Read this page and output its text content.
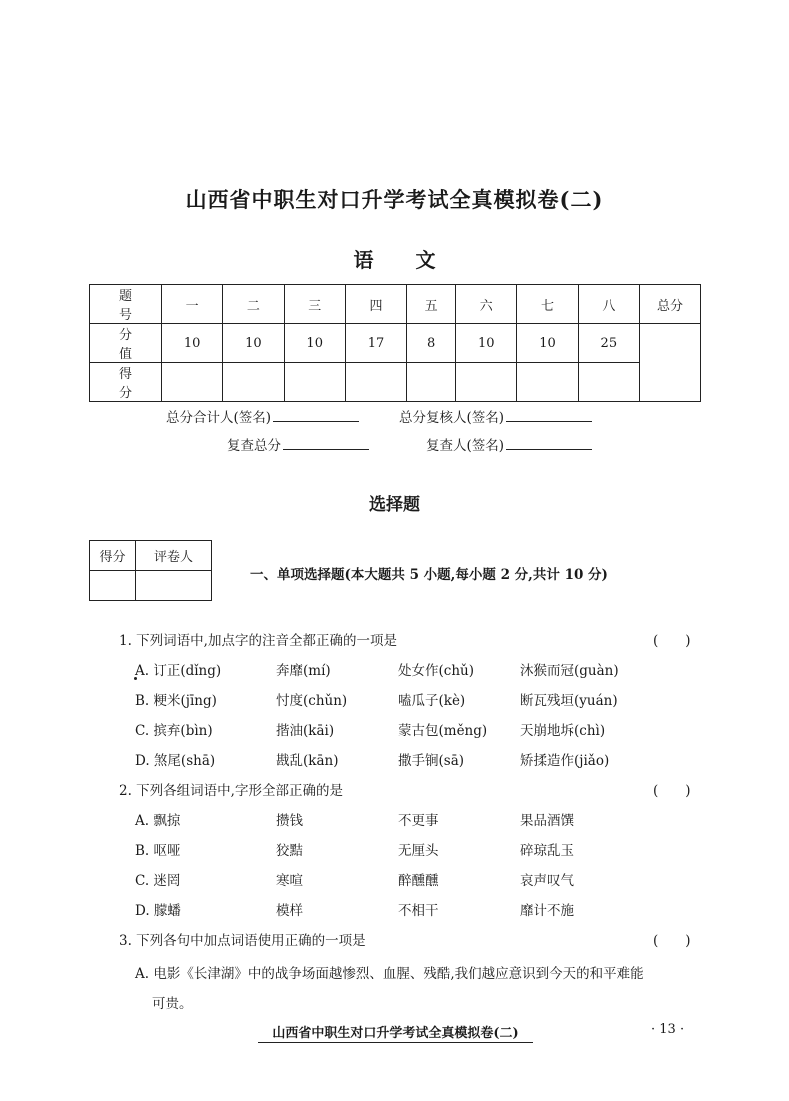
山西省中职生对口升学考试全真模拟卷(二)
语文
题　号	一	二	三	四	五	六	七	八	总分
分　值	10	10	10	17	8	10	10	25	
得　分									
总分合计人(签名)	总分复核人(签名)
复查总分	复查人(签名)
选择题
得分	评卷人

一、单项选择题(本大题共 5 小题,每小题 2 分,共计 10 分)
1. 下列词语中,加点字的注音全都正确的一项是	(　　)
A. 订正(dǐng)	奔靡(mí)	处女作(chǔ)	沐猴而冠(guàn)
B. 粳米(jīng)	忖度(chǔn)	嗑瓜子(kè)	断瓦残垣(yuán)
C. 摈弃(bìn)	揩油(kāi)	蒙古包(měng) 天崩地坼(chì)
D. 煞尾(shā)	戡乱(kān)	撒手锏(sā)	矫揉造作(jiǎo)
2. 下列各组词语中,字形全部正确的是	(　　)
A. 飘掠	攒钱	不更事	果品酒馔
B. 呕哑	狡黠	无厘头	碎琼乱玉
C. 迷罔	寒喧	醉醺醺	哀声叹气
D. 朦蟠	模样	不相干	靡计不施
3. 下列各句中加点词语使用正确的一项是	(　　)
A. 电影《长津湖》中的战争场面越惨烈、血腥、残酷,我们越应意识到今天的和平难能
可贵。
山西省中职生对口升学考试全真模拟卷(二)	· 13 ·
